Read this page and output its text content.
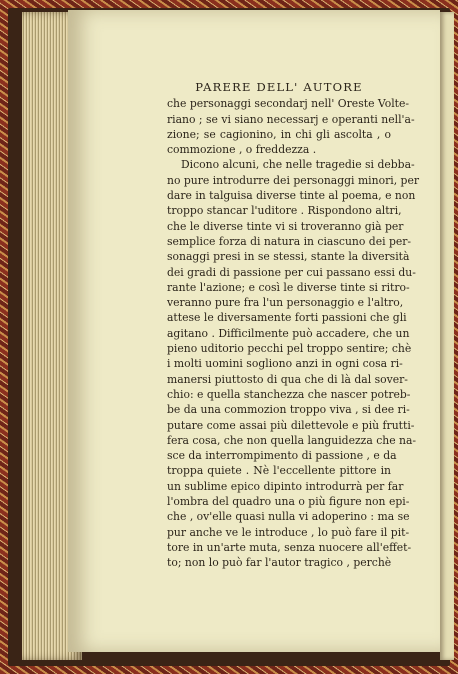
PARERE DELL' AUTORE
che personaggi secondarj nell' Oreste Volte-
riano ; se vi siano necessarj e operanti nell'a-
zione; se cagionino, in chi gli ascolta , o
commozione , o freddezza .
Dicono alcuni, che nelle tragedie si debba-
no pure introdurre dei personaggi minori, per
dare in talguisa diverse tinte al poema, e non
troppo stancar l'uditore . Rispondono altri,
che le diverse tinte vi si troveranno già per
semplice forza di natura in ciascuno dei per-
sonaggi presi in se stessi, stante la diversità
dei gradi di passione per cui passano essi du-
rante l'azione; e così le diverse tinte si ritro-
veranno pure fra l'un personaggio e l'altro,
attese le diversamente forti passioni che gli
agitano . Difficilmente può accadere, che un
pieno uditorio pecchi pel troppo sentire; chè
i molti uomini sogliono anzi in ogni cosa ri-
manersi piuttosto di qua che di là dal sover-
chio: e quella stanchezza che nascer potreb-
be da una commozion troppo viva , si dee ri-
putare come assai più dilettevole e più frutti-
fera cosa, che non quella languidezza che na-
sce da interrompimento di passione , e da
troppa quiete . Nè l'eccellente pittore in
un sublime epico dipinto introdurrà per far
l'ombra del quadro una o più figure non epi-
che , ov'elle quasi nulla vi adoperino : ma se
pur anche ve le introduce , lo può fare il pit-
tore in un'arte muta, senza nuocere all'effet-
to; non lo può far l'autor tragico , perchè
